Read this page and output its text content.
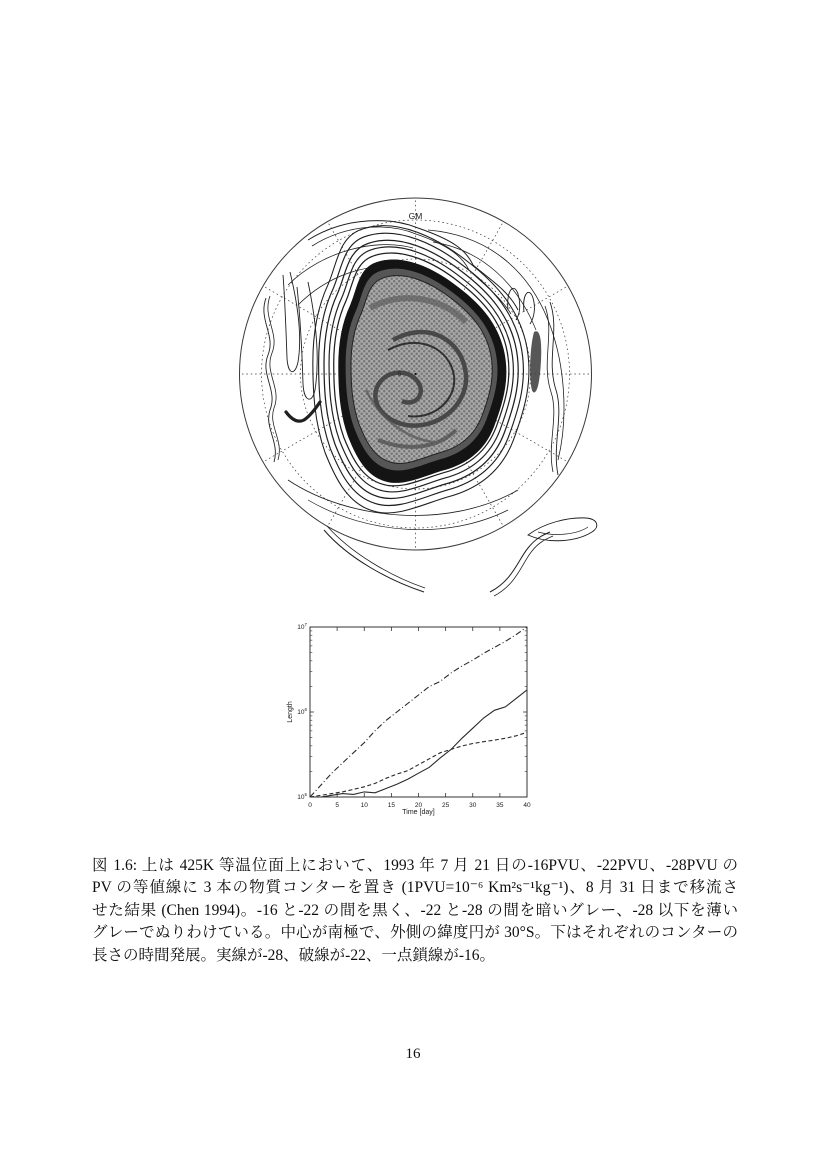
GM
5
0	5	10	15	20	25	30	35	40
$10^5$
$10^6$
$10^7$
Length
Time [day]
図 1.6: 上は 425K 等温位面上において、1993 年 7 月 21 日の-16PVU、-22PVU、-28PVU の
PV の等値線に 3 本の物質コンターを置き (1PVU=10⁻⁶ Km²s⁻¹kg⁻¹)、8 月 31 日まで移流さ
せた結果 (Chen 1994)。-16 と-22 の間を黒く、-22 と-28 の間を暗いグレー、-28 以下を薄い
グレーでぬりわけている。中心が南極で、外側の緯度円が 30°S。下はそれぞれのコンターの
長さの時間発展。実線が-28、破線が-22、一点鎖線が-16。
16
